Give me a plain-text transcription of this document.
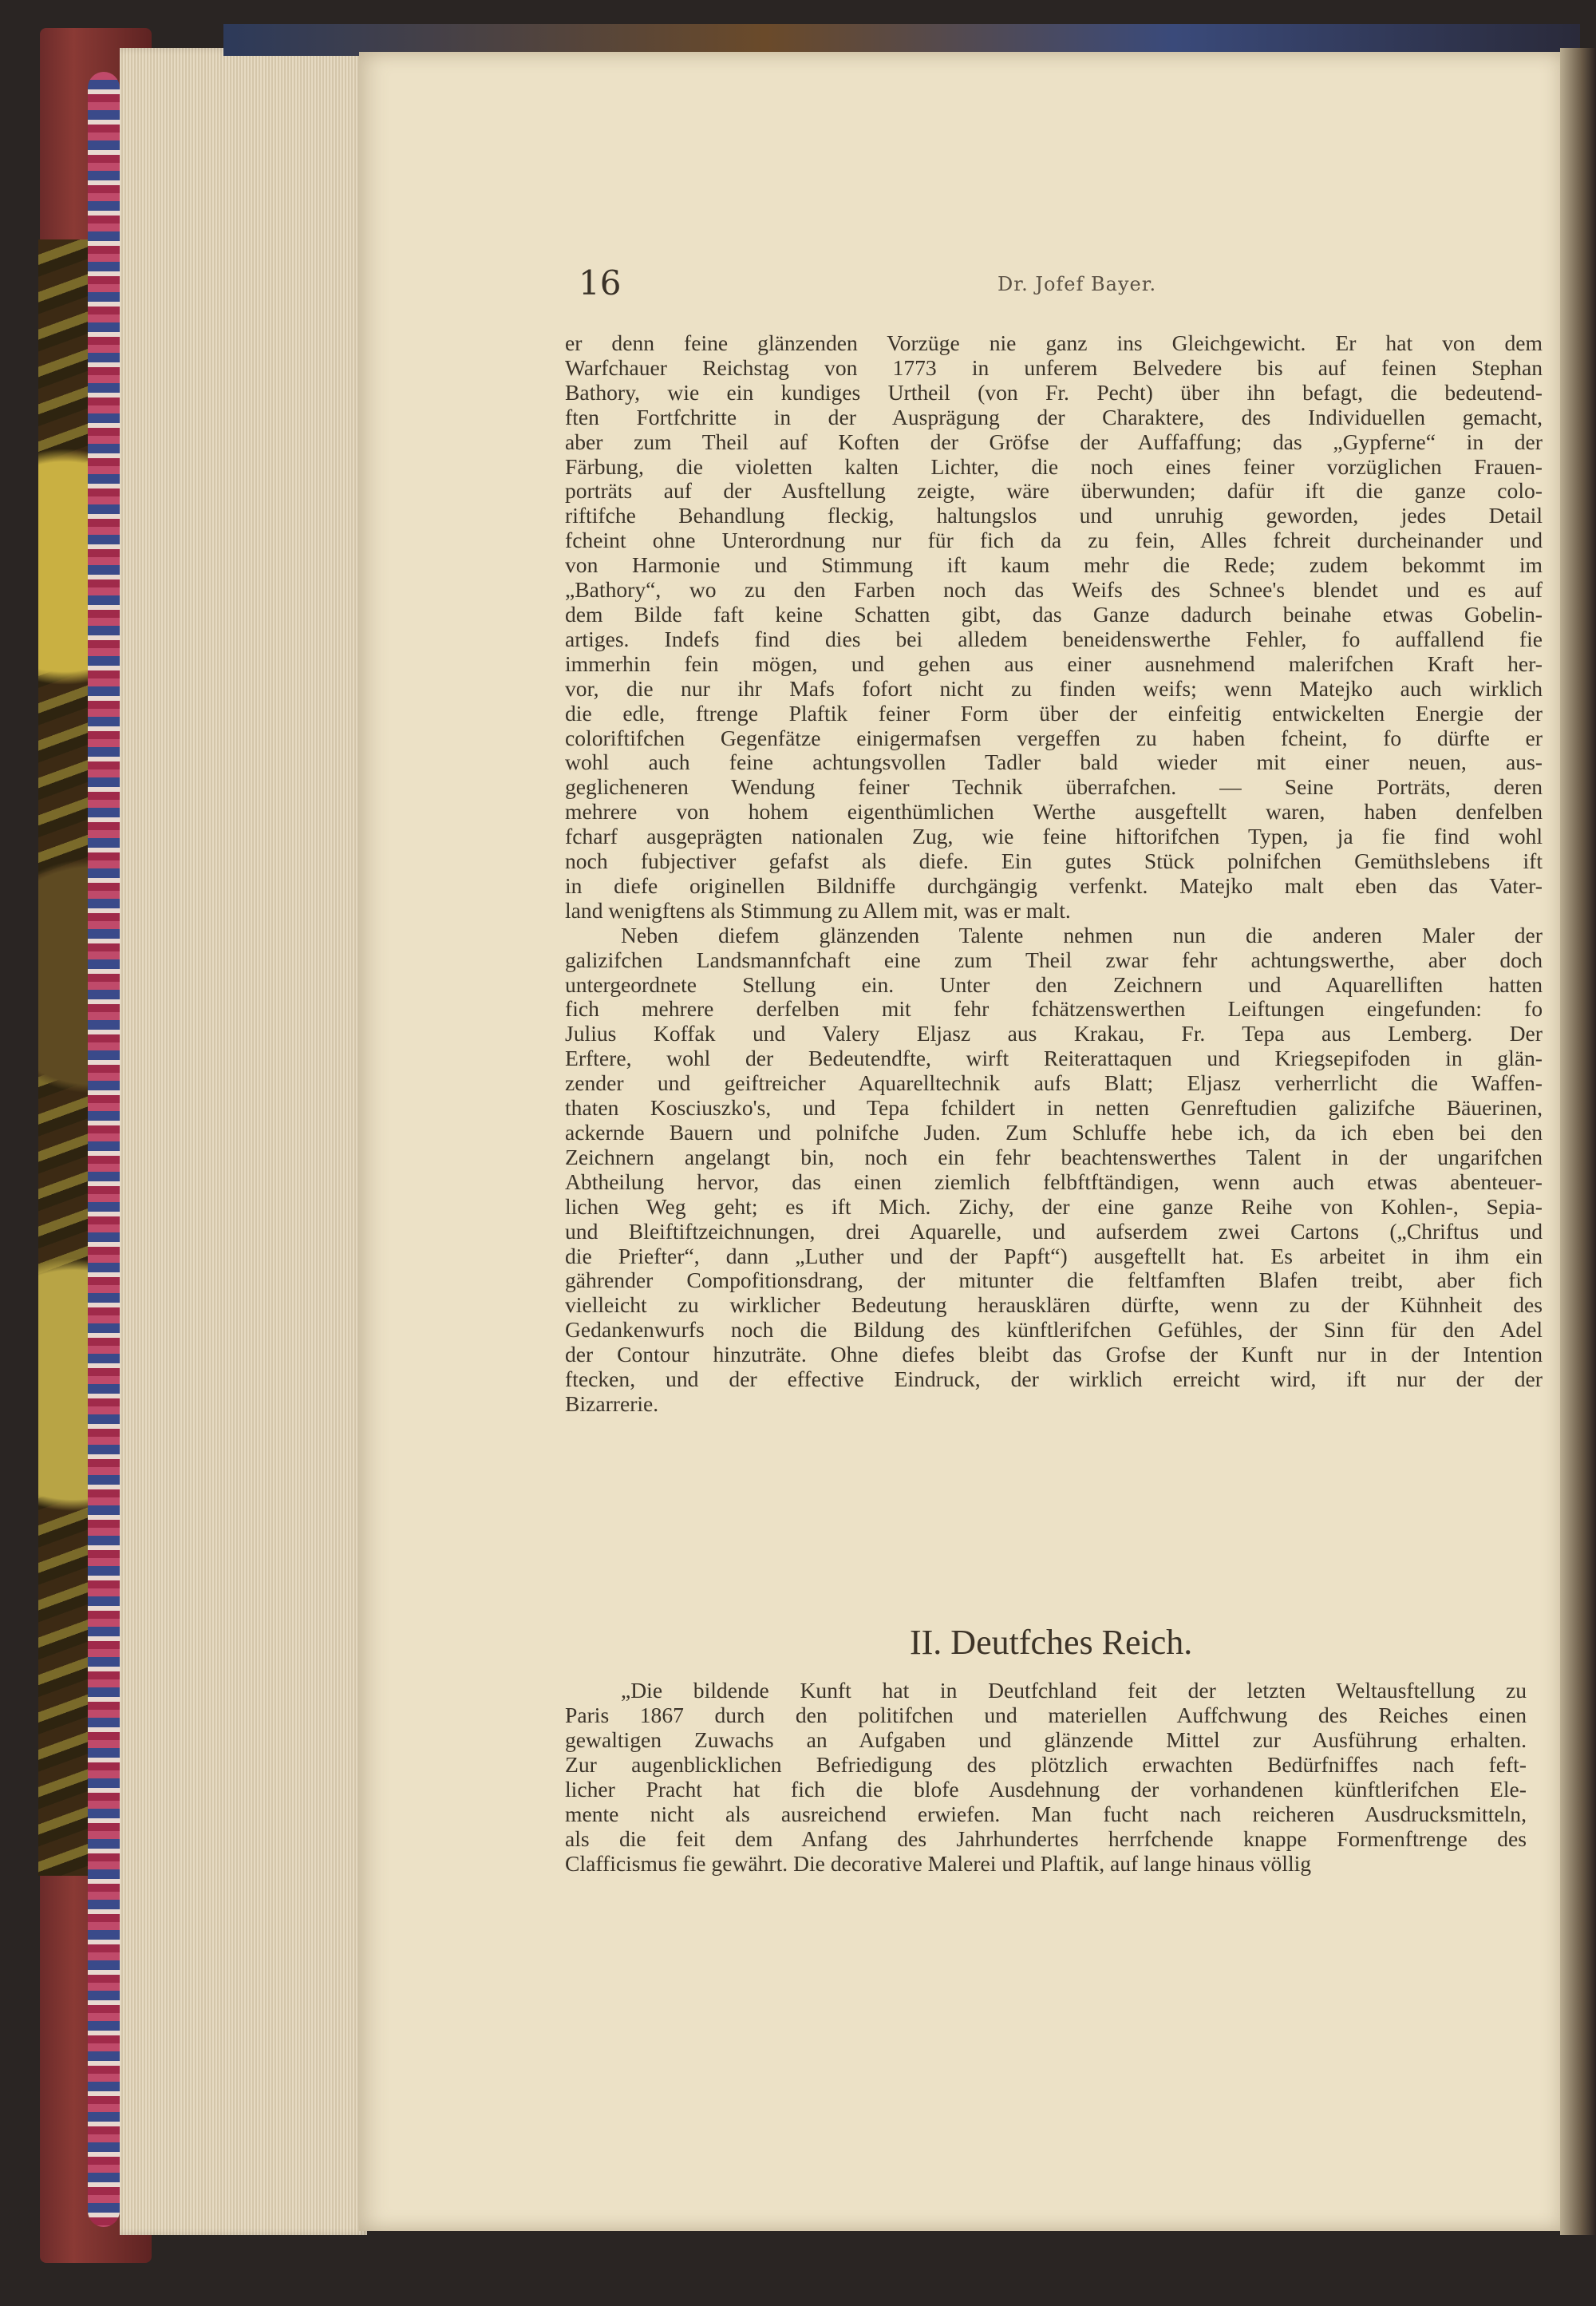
16	Dr. Jofef Bayer.
er denn feine glänzenden Vorzüge nie ganz ins Gleichgewicht. Er hat von dem
Warfchauer Reichstag von 1773 in unferem Belvedere bis auf feinen Stephan
Bathory, wie ein kundiges Urtheil (von Fr. Pecht) über ihn befagt, die bedeutend-
ften Fortfchritte in der Ausprägung der Charaktere, des Individuellen gemacht,
aber zum Theil auf Koften der Gröfse der Auffaffung; das „Gypferne“ in der
Färbung, die violetten kalten Lichter, die noch eines feiner vorzüglichen Frauen-
porträts auf der Ausftellung zeigte, wäre überwunden; dafür ift die ganze colo-
riftifche Behandlung fleckig, haltungslos und unruhig geworden, jedes Detail
fcheint ohne Unterordnung nur für fich da zu fein, Alles fchreit durcheinander und
von Harmonie und Stimmung ift kaum mehr die Rede; zudem bekommt im
„Bathory“, wo zu den Farben noch das Weifs des Schnee's blendet und es auf
dem Bilde faft keine Schatten gibt, das Ganze dadurch beinahe etwas Gobelin-
artiges. Indefs find dies bei alledem beneidenswerthe Fehler, fo auffallend fie
immerhin fein mögen, und gehen aus einer ausnehmend malerifchen Kraft her-
vor, die nur ihr Mafs fofort nicht zu finden weifs; wenn Matejko auch wirklich
die edle, ftrenge Plaftik feiner Form über der einfeitig entwickelten Energie der
coloriftifchen Gegenfätze einigermafsen vergeffen zu haben fcheint, fo dürfte er
wohl auch feine achtungsvollen Tadler bald wieder mit einer neuen, aus-
geglicheneren Wendung feiner Technik überrafchen. — Seine Porträts, deren
mehrere von hohem eigenthümlichen Werthe ausgeftellt waren, haben denfelben
fcharf ausgeprägten nationalen Zug, wie feine hiftorifchen Typen, ja fie find wohl
noch fubjectiver gefafst als diefe. Ein gutes Stück polnifchen Gemüthslebens ift
in diefe originellen Bildniffe durchgängig verfenkt. Matejko malt eben das Vater-
land wenigftens als Stimmung zu Allem mit, was er malt.
Neben diefem glänzenden Talente nehmen nun die anderen Maler der
galizifchen Landsmannfchaft eine zum Theil zwar fehr achtungswerthe, aber doch
untergeordnete Stellung ein. Unter den Zeichnern und Aquarelliften hatten
fich mehrere derfelben mit fehr fchätzenswerthen Leiftungen eingefunden: fo
Julius Koffak und Valery Eljasz aus Krakau, Fr. Tepa aus Lemberg. Der
Erftere, wohl der Bedeutendfte, wirft Reiterattaquen und Kriegsepifoden in glän-
zender und geiftreicher Aquarelltechnik aufs Blatt; Eljasz verherrlicht die Waffen-
thaten Kosciuszko's, und Tepa fchildert in netten Genreftudien galizifche Bäuerinen,
ackernde Bauern und polnifche Juden. Zum Schluffe hebe ich, da ich eben bei den
Zeichnern angelangt bin, noch ein fehr beachtenswerthes Talent in der ungarifchen
Abtheilung hervor, das einen ziemlich felbftftändigen, wenn auch etwas abenteuer-
lichen Weg geht; es ift Mich. Zichy, der eine ganze Reihe von Kohlen-, Sepia-
und Bleiftiftzeichnungen, drei Aquarelle, und aufserdem zwei Cartons („Chriftus und
die Priefter“, dann „Luther und der Papft“) ausgeftellt hat. Es arbeitet in ihm ein
gährender Compofitionsdrang, der mitunter die feltfamften Blafen treibt, aber fich
vielleicht zu wirklicher Bedeutung herausklären dürfte, wenn zu der Kühnheit des
Gedankenwurfs noch die Bildung des künftlerifchen Gefühles, der Sinn für den Adel
der Contour hinzuträte. Ohne diefes bleibt das Grofse der Kunft nur in der Intention
ftecken, und der effective Eindruck, der wirklich erreicht wird, ift nur der der
Bizarrerie.
II. Deutfches Reich.
„Die bildende Kunft hat in Deutfchland feit der letzten Weltausftellung zu
Paris 1867 durch den politifchen und materiellen Auffchwung des Reiches einen
gewaltigen Zuwachs an Aufgaben und glänzende Mittel zur Ausführung erhalten.
Zur augenblicklichen Befriedigung des plötzlich erwachten Bedürfniffes nach feft-
licher Pracht hat fich die blofe Ausdehnung der vorhandenen künftlerifchen Ele-
mente nicht als ausreichend erwiefen. Man fucht nach reicheren Ausdrucksmitteln,
als die feit dem Anfang des Jahrhundertes herrfchende knappe Formenftrenge des
Clafficismus fie gewährt. Die decorative Malerei und Plaftik, auf lange hinaus völlig
